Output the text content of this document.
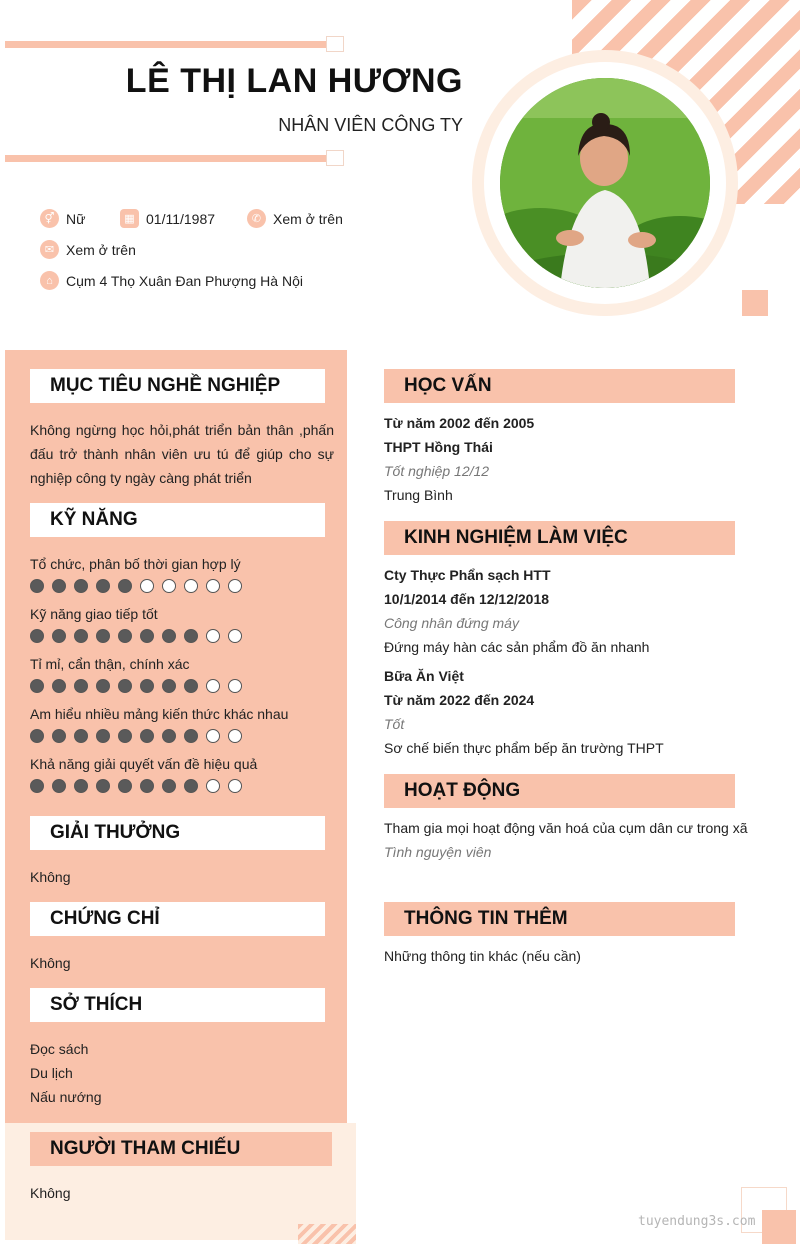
LÊ THỊ LAN HƯƠNG
NHÂN VIÊN CÔNG TY
⚥ Nữ	▦ 01/11/1987	✆ Xem ở trên
✉ Xem ở trên
⌂ Cụm 4 Thọ Xuân Đan Phượng Hà Nội
MỤC TIÊU NGHỀ NGHIỆP
Không ngừng học hỏi,phát triển bản thân ,phấn đấu trở thành nhân viên ưu tú để giúp cho sự nghiệp công ty ngày càng phát triển
KỸ NĂNG
Tổ chức, phân bố thời gian hợp lý
Kỹ năng giao tiếp tốt
Tỉ mỉ, cẩn thận, chính xác
Am hiểu nhiều mảng kiến thức khác nhau
Khả năng giải quyết vấn đề hiệu quả
GIẢI THƯỞNG
Không
CHỨNG CHỈ
Không
SỞ THÍCH
Đọc sách
Du lịch
Nấu nướng
NGƯỜI THAM CHIẾU
Không
HỌC VẤN
Từ năm 2002 đến 2005
THPT Hồng Thái
Tốt nghiệp 12/12
Trung Bình
KINH NGHIỆM LÀM VIỆC
Cty Thực Phẩn sạch HTT
10/1/2014 đến 12/12/2018
Công nhân đứng máy
Đứng máy hàn các sản phẩm đồ ăn nhanh
Bữa Ăn Việt
Từ năm 2022 đến 2024
Tốt
Sơ chế biến thực phẩm bếp ăn trường THPT
HOẠT ĐỘNG
Tham gia mọi hoạt động văn hoá của cụm dân cư trong xã
Tình nguyện viên
THÔNG TIN THÊM
Những thông tin khác (nếu cần)
tuyendung3s.com
